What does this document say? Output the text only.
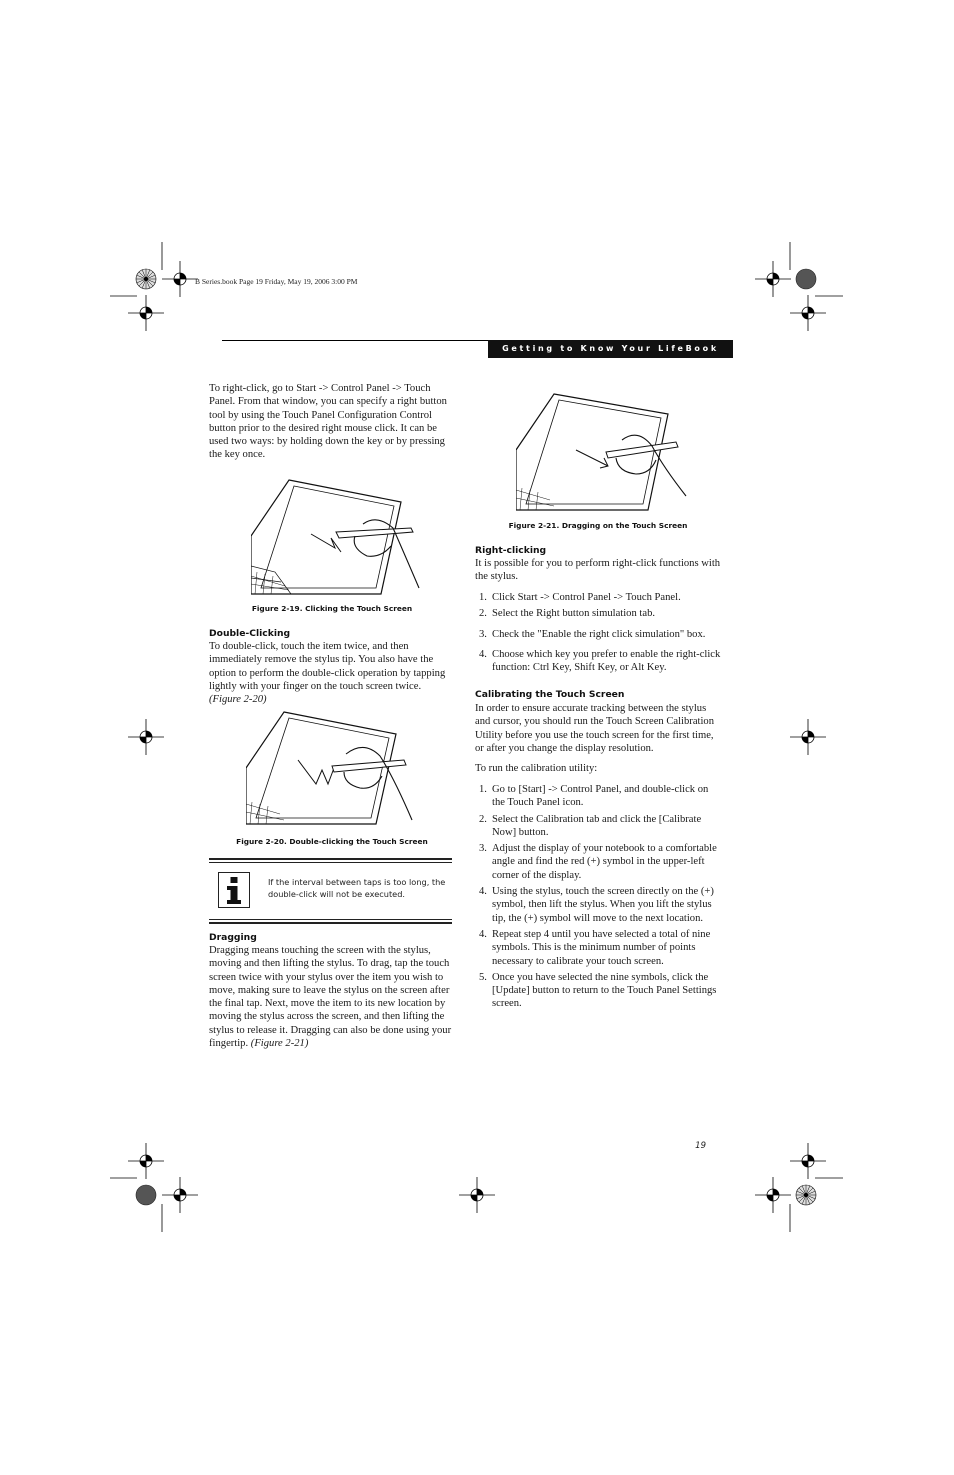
B Series.book Page 19 Friday, May 19, 2006 3:00 PM
Getting to Know Your LifeBook

To right-click, go to Start -> Control Panel -> Touch Panel. From that window, you can specify a right button tool by using the Touch Panel Configuration Control button prior to the desired right mouse click. It can be used two ways: by holding down the key or by pressing the key once.

Figure 2-19. Clicking the Touch Screen
Double-Clicking

To double-click, touch the item twice, and then immediately remove the stylus tip. You also have the option to perform the double-click operation by tapping lightly with your finger on the touch screen twice. (Figure 2-20)

Figure 2-20. Double-clicking the Touch Screen
If the interval between taps is too long, the double-click will not be executed.
Dragging

Dragging means touching the screen with the stylus, moving and then lifting the stylus. To drag, tap the touch screen twice with your stylus over the item you wish to move, making sure to leave the stylus on the screen after the final tap. Next, move the item to its new location by moving the stylus across the screen, and then lifting the stylus to release it. Dragging can also be done using your fingertip. (Figure 2-21)

Figure 2-21. Dragging on the Touch Screen
Right-clicking

It is possible for you to perform right-click functions with the stylus.

1. Click Start -> Control Panel -> Touch Panel.
2. Select the Right button simulation tab.
3. Check the "Enable the right click simulation" box.
4. Choose which key you prefer to enable the right-click function: Ctrl Key, Shift Key, or Alt Key.
Calibrating the Touch Screen

In order to ensure accurate tracking between the stylus and cursor, you should run the Touch Screen Calibration Utility before you use the touch screen for the first time, or after you change the display resolution.

To run the calibration utility:

1. Go to [Start] -> Control Panel, and double-click on the Touch Panel icon.
2. Select the Calibration tab and click the [Calibrate Now] button.
3. Adjust the display of your notebook to a comfortable angle and find the red (+) symbol in the upper-left corner of the display.
4. Using the stylus, touch the screen directly on the (+) symbol, then lift the stylus. When you lift the stylus tip, the (+) symbol will move to the next location.
4. Repeat step 4 until you have selected a total of nine symbols. This is the minimum number of points necessary to calibrate your touch screen.
5. Once you have selected the nine symbols, click the [Update] button to return to the Touch Panel Settings screen.
19
